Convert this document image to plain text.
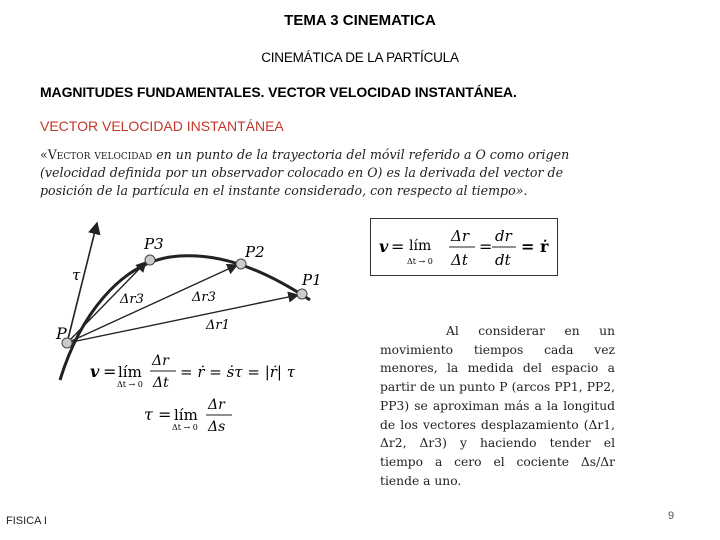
TEMA 3 CINEMATICA
CINEMÁTICA DE LA PARTÍCULA
MAGNITUDES FUNDAMENTALES. VECTOR VELOCIDAD INSTANTÁNEA.
VECTOR VELOCIDAD INSTANTÁNEA
«Vector velocidad en un punto de la trayectoria del móvil referido a O como origen (velocidad definida por un observador colocado en O) es la derivada del vector de posición de la partícula en el instante considerado, con respecto al tiempo».
P
P3	P2
P1
τ
Δr3	Δr3
Δr1
v = lím
Δt → 0
Δr
Δt
= ṙ = ṡτ = |ṙ| τ
τ = lím
Δt → 0
Δr
Δs
v = lím
Δt → 0
Δr
Δt
=
dr
dt
= ṙ
Al considerar en un movimiento tiempos cada vez menores, la medida del espacio a partir de un punto P (arcos PP1, PP2, PP3) se aproximan más a la longitud de los vectores desplazamiento (Δr1, Δr2, Δr3) y haciendo tender el tiempo a cero el cociente Δs/Δr tiende a uno.
FISICA I	9
